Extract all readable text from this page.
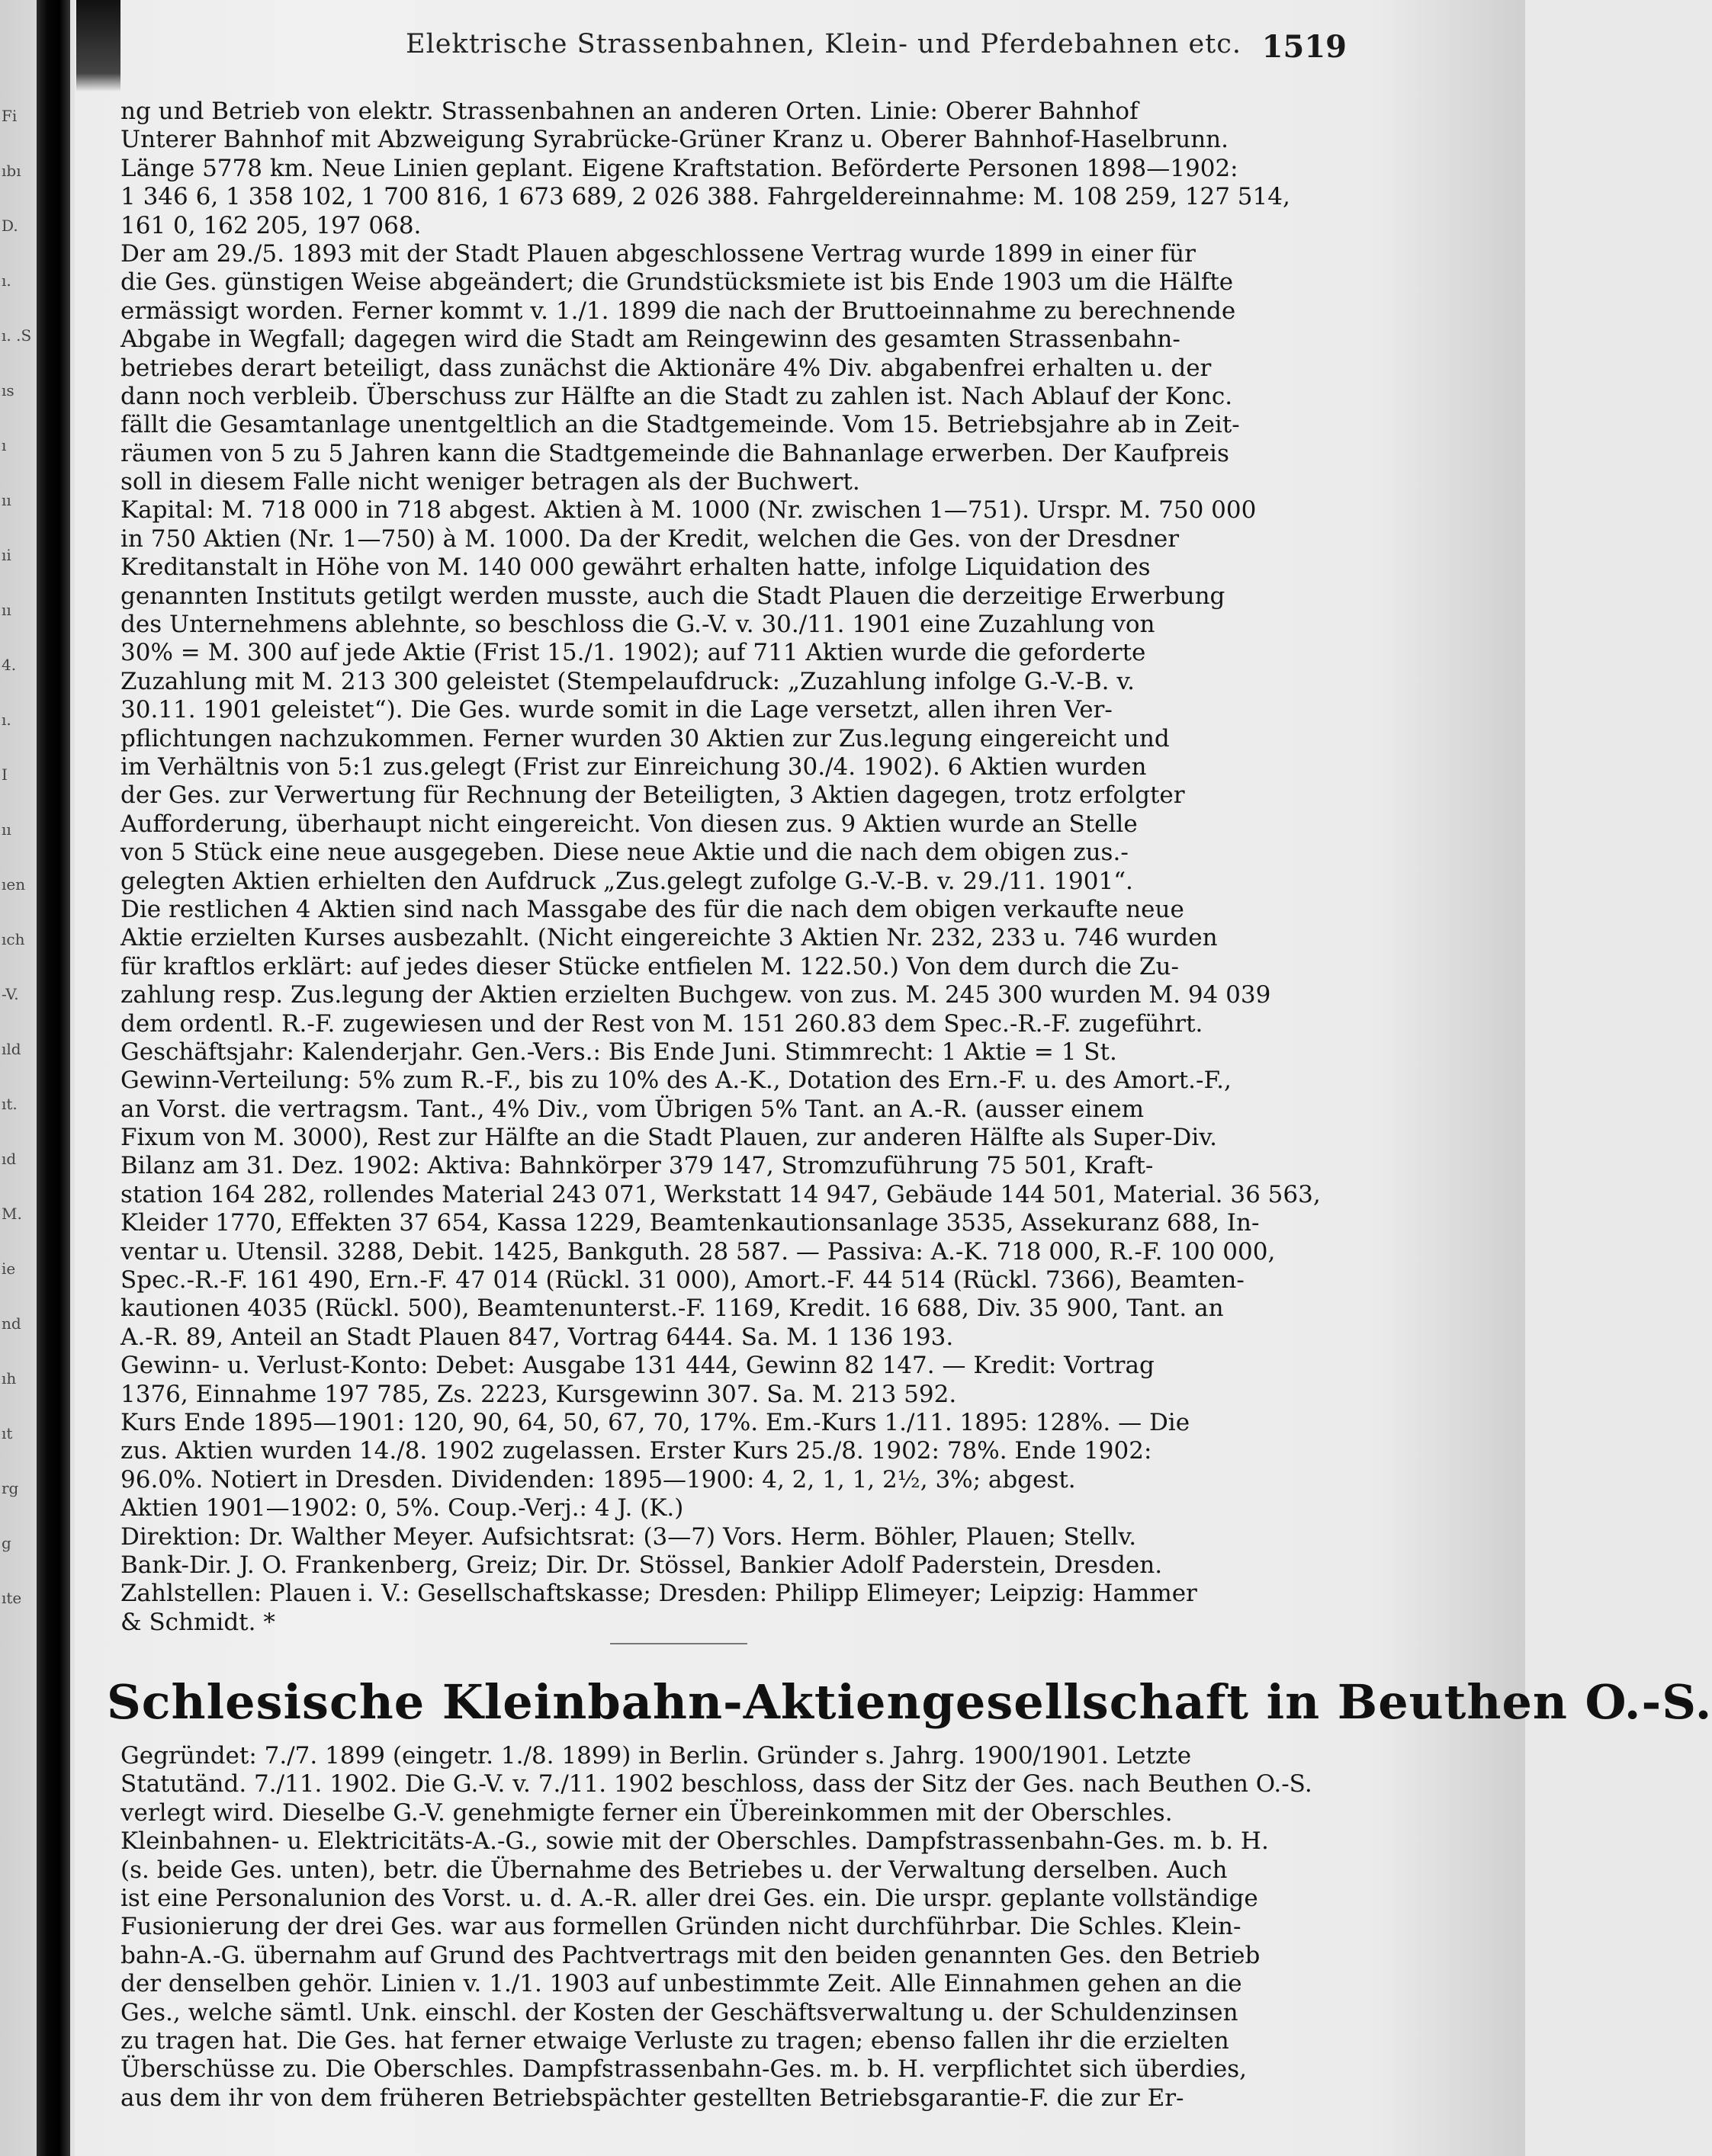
Fi
ıbı
D.
ı.
ı. .S
ıs
ı
ıı
ıi
ıı
4.
ı.
I
ıı
ıen
ıch
-V.
ıld
ıt.
ıd
M.
ie
nd
ıh
ıt
rg
g
ıte
Elektrische Strassenbahnen, Klein- und Pferdebahnen etc. 1519
ng und Betrieb von elektr. Strassenbahnen an anderen Orten. Linie: Oberer Bahnhof
Unterer Bahnhof mit Abzweigung Syrabrücke-Grüner Kranz u. Oberer Bahnhof-Haselbrunn.
Länge 5778 km. Neue Linien geplant. Eigene Kraftstation. Beförderte Personen 1898—1902:
1 346 6, 1 358 102, 1 700 816, 1 673 689, 2 026 388. Fahrgeldereinnahme: M. 108 259, 127 514,
161 0, 162 205, 197 068.
Der am 29./5. 1893 mit der Stadt Plauen abgeschlossene Vertrag wurde 1899 in einer für
die Ges. günstigen Weise abgeändert; die Grundstücksmiete ist bis Ende 1903 um die Hälfte
ermässigt worden. Ferner kommt v. 1./1. 1899 die nach der Bruttoeinnahme zu berechnende
Abgabe in Wegfall; dagegen wird die Stadt am Reingewinn des gesamten Strassenbahn-
betriebes derart beteiligt, dass zunächst die Aktionäre 4% Div. abgabenfrei erhalten u. der
dann noch verbleib. Überschuss zur Hälfte an die Stadt zu zahlen ist. Nach Ablauf der Konc.
fällt die Gesamtanlage unentgeltlich an die Stadtgemeinde. Vom 15. Betriebsjahre ab in Zeit-
räumen von 5 zu 5 Jahren kann die Stadtgemeinde die Bahnanlage erwerben. Der Kaufpreis
soll in diesem Falle nicht weniger betragen als der Buchwert.
Kapital: M. 718 000 in 718 abgest. Aktien à M. 1000 (Nr. zwischen 1—751). Urspr. M. 750 000
in 750 Aktien (Nr. 1—750) à M. 1000. Da der Kredit, welchen die Ges. von der Dresdner
Kreditanstalt in Höhe von M. 140 000 gewährt erhalten hatte, infolge Liquidation des
genannten Instituts getilgt werden musste, auch die Stadt Plauen die derzeitige Erwerbung
des Unternehmens ablehnte, so beschloss die G.-V. v. 30./11. 1901 eine Zuzahlung von
30% = M. 300 auf jede Aktie (Frist 15./1. 1902); auf 711 Aktien wurde die geforderte
Zuzahlung mit M. 213 300 geleistet (Stempelaufdruck: „Zuzahlung infolge G.-V.-B. v.
30.11. 1901 geleistet“). Die Ges. wurde somit in die Lage versetzt, allen ihren Ver-
pflichtungen nachzukommen. Ferner wurden 30 Aktien zur Zus.legung eingereicht und
im Verhältnis von 5:1 zus.gelegt (Frist zur Einreichung 30./4. 1902). 6 Aktien wurden
der Ges. zur Verwertung für Rechnung der Beteiligten, 3 Aktien dagegen, trotz erfolgter
Aufforderung, überhaupt nicht eingereicht. Von diesen zus. 9 Aktien wurde an Stelle
von 5 Stück eine neue ausgegeben. Diese neue Aktie und die nach dem obigen zus.-
gelegten Aktien erhielten den Aufdruck „Zus.gelegt zufolge G.-V.-B. v. 29./11. 1901“.
Die restlichen 4 Aktien sind nach Massgabe des für die nach dem obigen verkaufte neue
Aktie erzielten Kurses ausbezahlt. (Nicht eingereichte 3 Aktien Nr. 232, 233 u. 746 wurden
für kraftlos erklärt: auf jedes dieser Stücke entfielen M. 122.50.) Von dem durch die Zu-
zahlung resp. Zus.legung der Aktien erzielten Buchgew. von zus. M. 245 300 wurden M. 94 039
dem ordentl. R.-F. zugewiesen und der Rest von M. 151 260.83 dem Spec.-R.-F. zugeführt.
Geschäftsjahr: Kalenderjahr. Gen.-Vers.: Bis Ende Juni. Stimmrecht: 1 Aktie = 1 St.
Gewinn-Verteilung: 5% zum R.-F., bis zu 10% des A.-K., Dotation des Ern.-F. u. des Amort.-F.,
an Vorst. die vertragsm. Tant., 4% Div., vom Übrigen 5% Tant. an A.-R. (ausser einem
Fixum von M. 3000), Rest zur Hälfte an die Stadt Plauen, zur anderen Hälfte als Super-Div.
Bilanz am 31. Dez. 1902: Aktiva: Bahnkörper 379 147, Stromzuführung 75 501, Kraft-
station 164 282, rollendes Material 243 071, Werkstatt 14 947, Gebäude 144 501, Material. 36 563,
Kleider 1770, Effekten 37 654, Kassa 1229, Beamtenkautionsanlage 3535, Assekuranz 688, In-
ventar u. Utensil. 3288, Debit. 1425, Bankguth. 28 587. — Passiva: A.-K. 718 000, R.-F. 100 000,
Spec.-R.-F. 161 490, Ern.-F. 47 014 (Rückl. 31 000), Amort.-F. 44 514 (Rückl. 7366), Beamten-
kautionen 4035 (Rückl. 500), Beamtenunterst.-F. 1169, Kredit. 16 688, Div. 35 900, Tant. an
A.-R. 89, Anteil an Stadt Plauen 847, Vortrag 6444. Sa. M. 1 136 193.
Gewinn- u. Verlust-Konto: Debet: Ausgabe 131 444, Gewinn 82 147. — Kredit: Vortrag
1376, Einnahme 197 785, Zs. 2223, Kursgewinn 307. Sa. M. 213 592.
Kurs Ende 1895—1901: 120, 90, 64, 50, 67, 70, 17%. Em.-Kurs 1./11. 1895: 128%. — Die
zus. Aktien wurden 14./8. 1902 zugelassen. Erster Kurs 25./8. 1902: 78%. Ende 1902:
96.0%. Notiert in Dresden. Dividenden: 1895—1900: 4, 2, 1, 1, 2½, 3%; abgest.
Aktien 1901—1902: 0, 5%. Coup.-Verj.: 4 J. (K.)
Direktion: Dr. Walther Meyer. Aufsichtsrat: (3—7) Vors. Herm. Böhler, Plauen; Stellv.
Bank-Dir. J. O. Frankenberg, Greiz; Dir. Dr. Stössel, Bankier Adolf Paderstein, Dresden.
Zahlstellen: Plauen i. V.: Gesellschaftskasse; Dresden: Philipp Elimeyer; Leipzig: Hammer
& Schmidt. *
Schlesische Kleinbahn-Aktiengesellschaft in Beuthen O.-S.
Gegründet: 7./7. 1899 (eingetr. 1./8. 1899) in Berlin. Gründer s. Jahrg. 1900/1901. Letzte
Statutänd. 7./11. 1902. Die G.-V. v. 7./11. 1902 beschloss, dass der Sitz der Ges. nach Beuthen O.-S.
verlegt wird. Dieselbe G.-V. genehmigte ferner ein Übereinkommen mit der Oberschles.
Kleinbahnen- u. Elektricitäts-A.-G., sowie mit der Oberschles. Dampfstrassenbahn-Ges. m. b. H.
(s. beide Ges. unten), betr. die Übernahme des Betriebes u. der Verwaltung derselben. Auch
ist eine Personalunion des Vorst. u. d. A.-R. aller drei Ges. ein. Die urspr. geplante vollständige
Fusionierung der drei Ges. war aus formellen Gründen nicht durchführbar. Die Schles. Klein-
bahn-A.-G. übernahm auf Grund des Pachtvertrags mit den beiden genannten Ges. den Betrieb
der denselben gehör. Linien v. 1./1. 1903 auf unbestimmte Zeit. Alle Einnahmen gehen an die
Ges., welche sämtl. Unk. einschl. der Kosten der Geschäftsverwaltung u. der Schuldenzinsen
zu tragen hat. Die Ges. hat ferner etwaige Verluste zu tragen; ebenso fallen ihr die erzielten
Überschüsse zu. Die Oberschles. Dampfstrassenbahn-Ges. m. b. H. verpflichtet sich überdies,
aus dem ihr von dem früheren Betriebspächter gestellten Betriebsgarantie-F. die zur Er-
